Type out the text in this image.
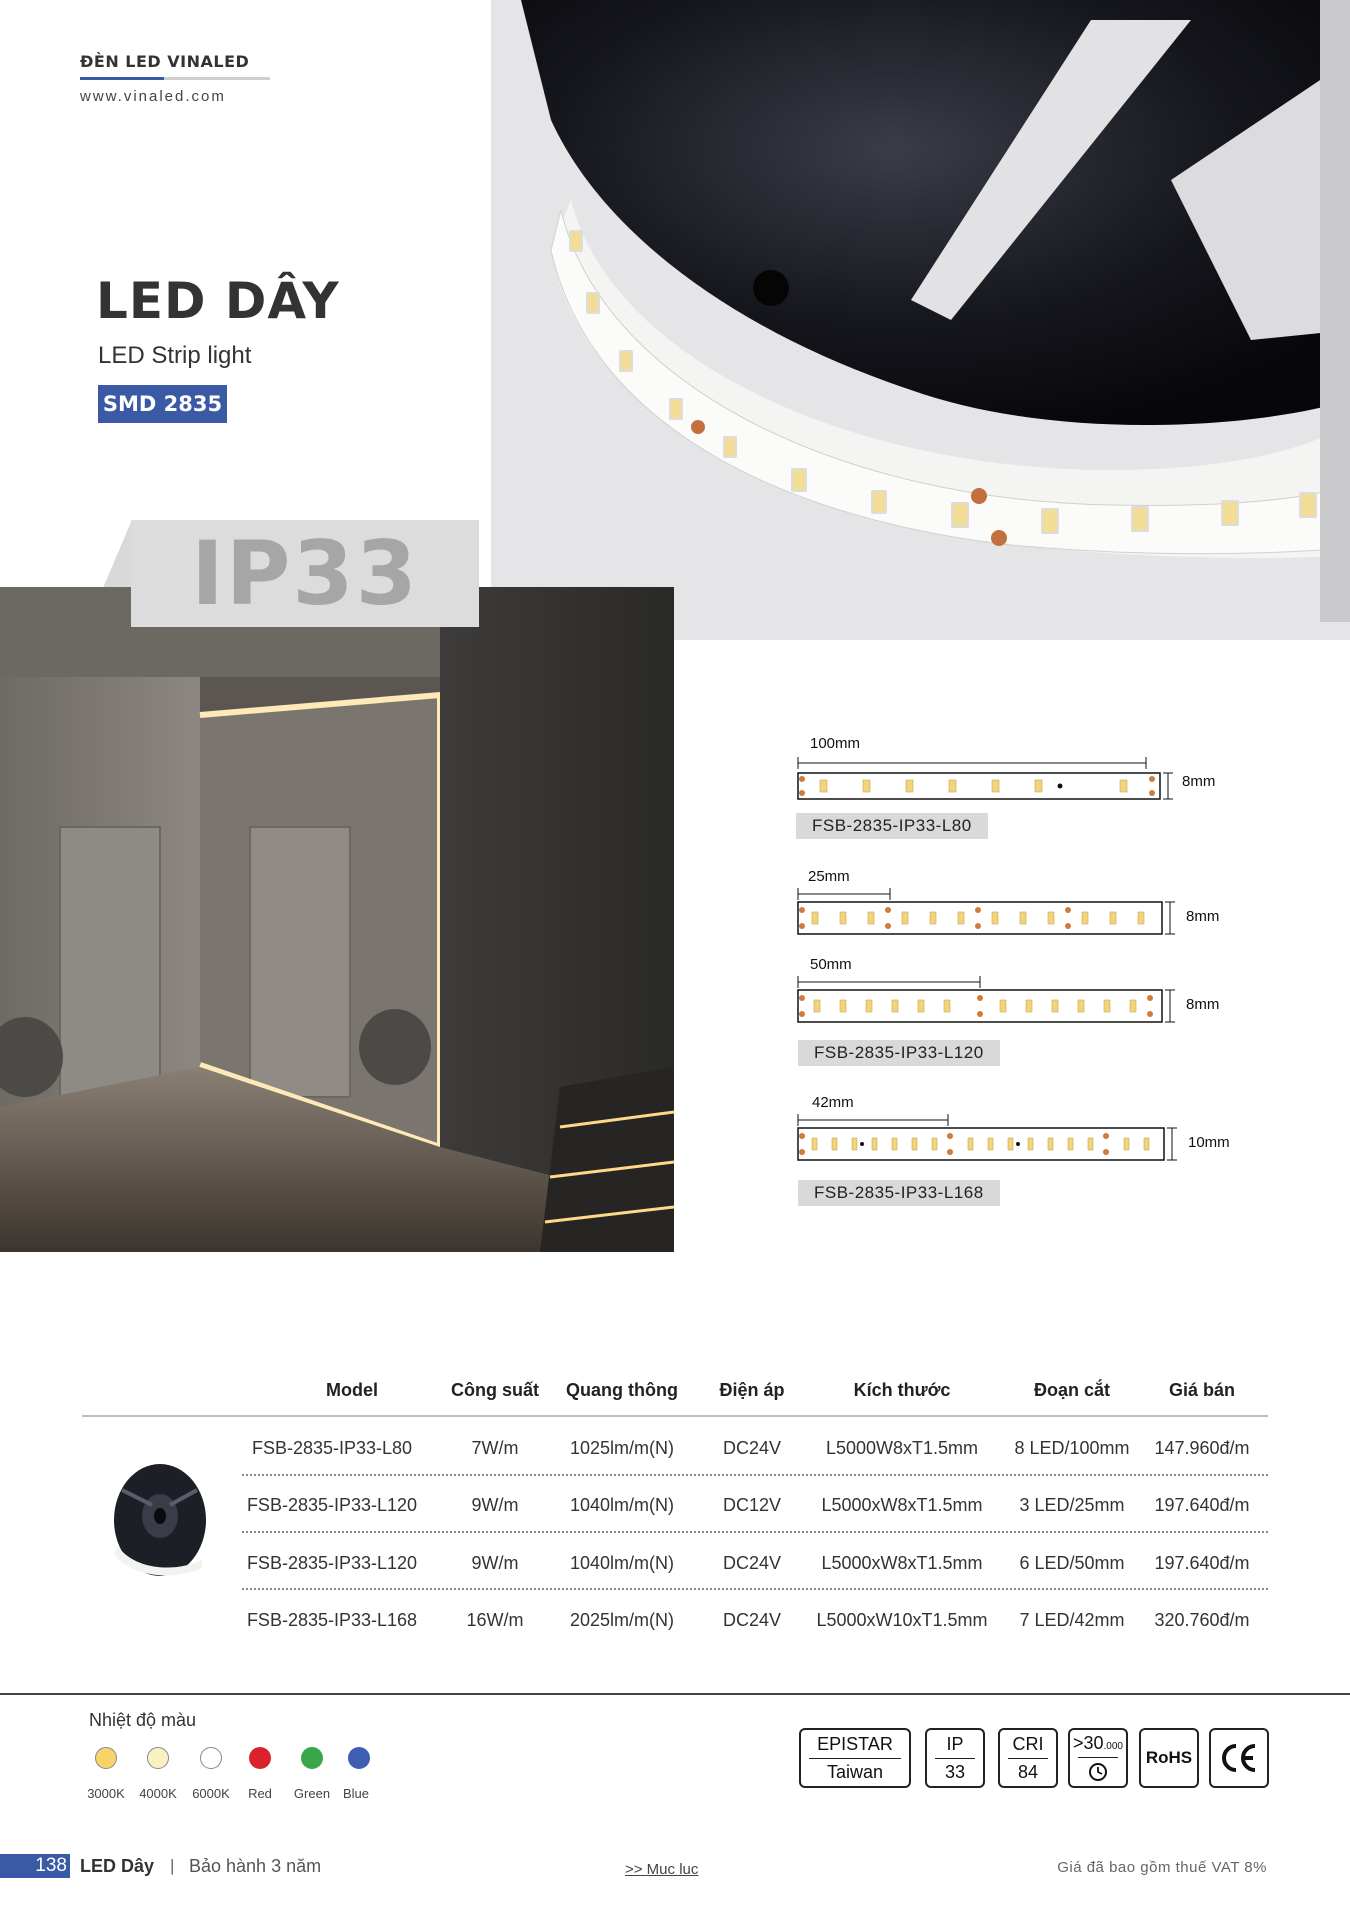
ĐÈN LED VINALED
www.vinaled.com
LED DÂY
LED Strip light
SMD 2835
IP33
100mm
8mm
FSB-2835-IP33-L80
25mm
8mm
50mm
8mm
FSB-2835-IP33-L120
42mm
10mm
FSB-2835-IP33-L168
Model	Công suất	Quang thông	Điện áp	Kích thước	Đoạn cắt	Giá bán
FSB-2835-IP33-L80	7W/m	1025lm/m(N)	DC24V	L5000W8xT1.5mm	8 LED/100mm	147.960đ/m
FSB-2835-IP33-L120	9W/m	1040lm/m(N)	DC12V	L5000xW8xT1.5mm	3 LED/25mm	197.640đ/m
FSB-2835-IP33-L120	9W/m	1040lm/m(N)	DC24V	L5000xW8xT1.5mm	6 LED/50mm	197.640đ/m
FSB-2835-IP33-L168	16W/m	2025lm/m(N)	DC24V	L5000xW10xT1.5mm	7 LED/42mm	320.760đ/m
Nhiệt độ màu
3000K	4000K	6000K	Red	Green Blue
EPISTAR
Taiwan
IP
33
CRI
84
>30.000
RoHS
138 LED Dây | Bảo hành 3 năm	>> Muc luc	Giá đã bao gồm thuế VAT 8%
